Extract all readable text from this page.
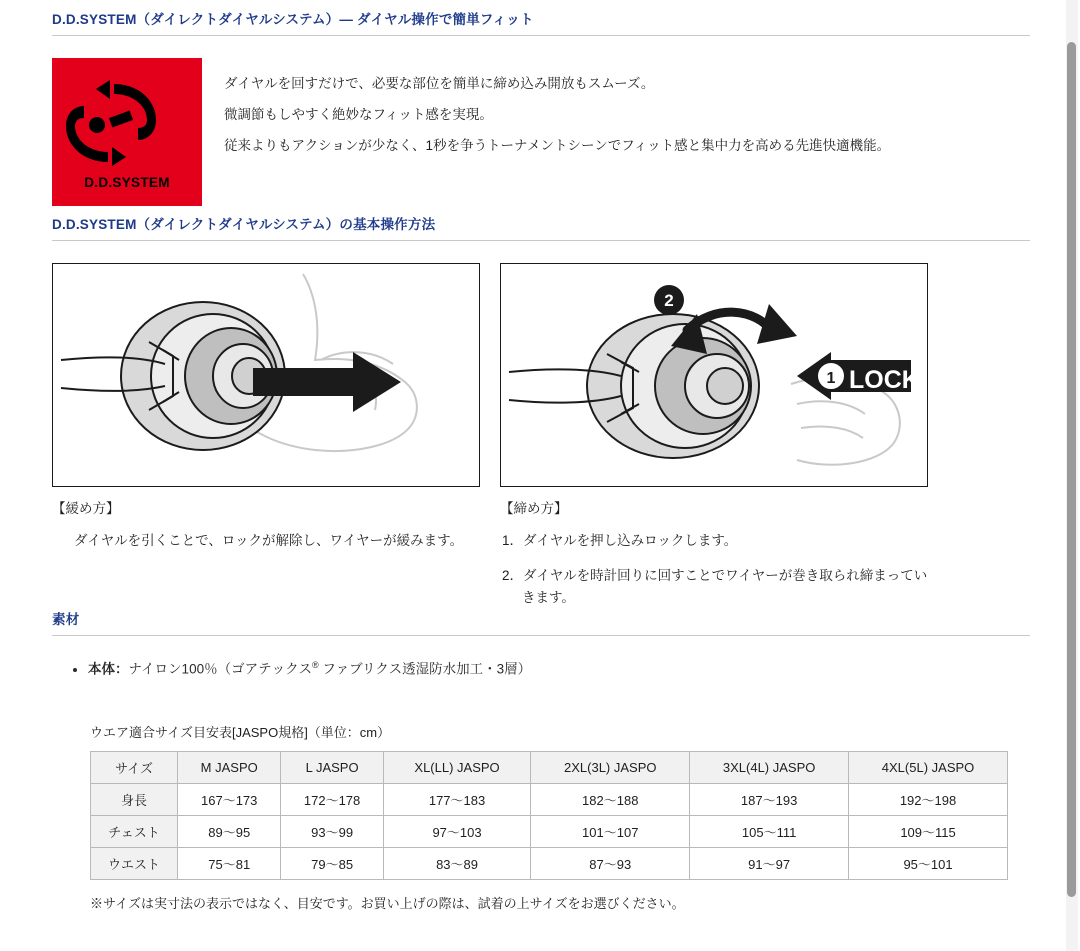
D.D.SYSTEM（ダイレクトダイヤルシステム）― ダイヤル操作で簡単フィット
D.D.SYSTEM
ダイヤルを回すだけで、必要な部位を簡単に締め込み開放もスムーズ。
微調節もしやすく絶妙なフィット感を実現。
従来よりもアクションが少なく、1秒を争うトーナメントシーンでフィット感と集中力を高める先進快適機能。
D.D.SYSTEM（ダイレクトダイヤルシステム）の基本操作方法
【緩め方】
ダイヤルを引くことで、ロックが解除し、ワイヤーが緩みます。
2
LOCK
1
【締め方】
1．ダイヤルを押し込みロックします。
2．ダイヤルを時計回りに回すことでワイヤーが巻き取られ締まっていきます。
素材
• 本体：ナイロン100％（ゴアテックス® ファブリクス透湿防水加工・3層）
ウエア適合サイズ目安表[JASPO規格]（単位：cm）
サイズ	M JASPO	L JASPO	XL(LL) JASPO	2XL(3L) JASPO	3XL(4L) JASPO	4XL(5L) JASPO
身長	167〜173	172〜178	177〜183	182〜188	187〜193	192〜198
チェスト	89〜95	93〜99	97〜103	101〜107	105〜111	109〜115
ウエスト	75〜81	79〜85	83〜89	87〜93	91〜97	95〜101
※サイズは実寸法の表示ではなく、目安です。お買い上げの際は、試着の上サイズをお選びください。
